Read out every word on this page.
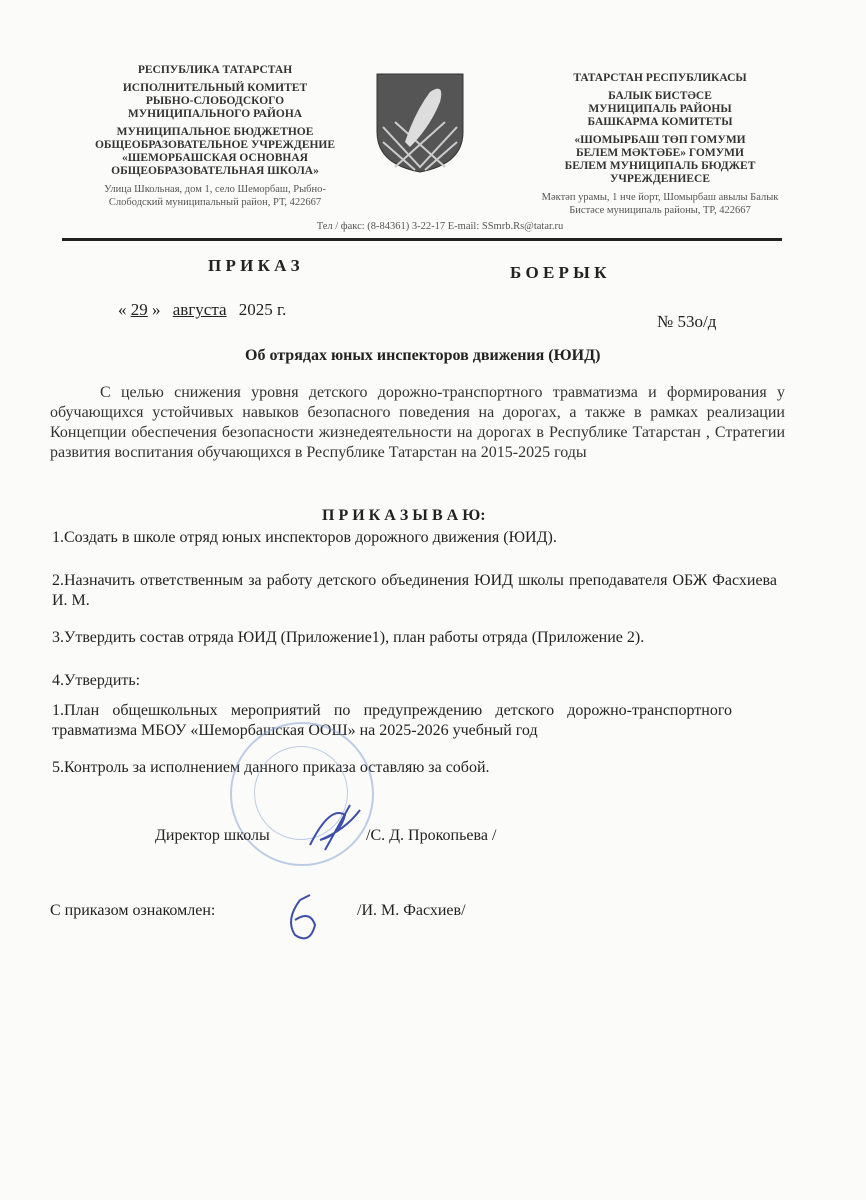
РЕСПУБЛИКА ТАТАРСТАН

ИСПОЛНИТЕЛЬНЫЙ КОМИТЕТ РЫБНО-СЛОБОДСКОГО МУНИЦИПАЛЬНОГО РАЙОНА

МУНИЦИПАЛЬНОЕ БЮДЖЕТНОЕ ОБЩЕОБРАЗОВАТЕЛЬНОЕ УЧРЕЖДЕНИЕ «ШЕМОРБАШСКАЯ ОСНОВНАЯ ОБЩЕОБРАЗОВАТЕЛЬНАЯ ШКОЛА»

Улица Школьная, дом 1, село Шеморбаш, Рыбно-Слободский муниципальный район, РТ, 422667

ТАТАРСТАН РЕСПУБЛИКАСЫ

БАЛЫК БИСТӘСЕ МУНИЦИПАЛЬ РАЙОНЫ БАШКАРМА КОМИТЕТЫ

«ШОМЫРБАШ ТӨП ГОМУМИ БЕЛЕМ МӘКТӘБЕ» ГОМУМИ БЕЛЕМ МУНИЦИПАЛЬ БЮДЖЕТ УЧРЕЖДЕНИЕСЕ

Мәктәп урамы, 1 нче йорт, Шомырбаш авылы Балык Бистәсе муниципаль районы, ТР, 422667
Тел / факс: (8-84361) 3-22-17 E-mail: SSmrb.Rs@tatar.ru
П Р И К А З	Б О Е Р Ы К
« 29 » августа 2025 г.
№ 53о/д
Об отрядах юных инспекторов движения (ЮИД)
С целью снижения уровня детского дорожно-транспортного травматизма и формирования у обучающихся устойчивых навыков безопасного поведения на дорогах, а также в рамках реализации Концепции обеспечения безопасности жизнедеятельности на дорогах в Республике Татарстан , Стратегии развития воспитания обучающихся в Республике Татарстан на 2015-2025 годы
П Р И К А З Ы В А Ю:
1.Создать в школе отряд юных инспекторов дорожного движения (ЮИД).
2.Назначить ответственным за работу детского объединения ЮИД школы преподавателя ОБЖ Фасхиева И. М.
3.Утвердить состав отряда ЮИД (Приложение1), план работы отряда (Приложение 2).
4.Утвердить:
1.План общешкольных мероприятий по предупреждению детского дорожно-транспортного травматизма МБОУ «Шеморбашская ООШ» на 2025-2026 учебный год
5.Контроль за исполнением данного приказа оставляю за собой.
Директор школы	/С. Д. Прокопьева /
С приказом ознакомлен:	/И. М. Фасхиев/
